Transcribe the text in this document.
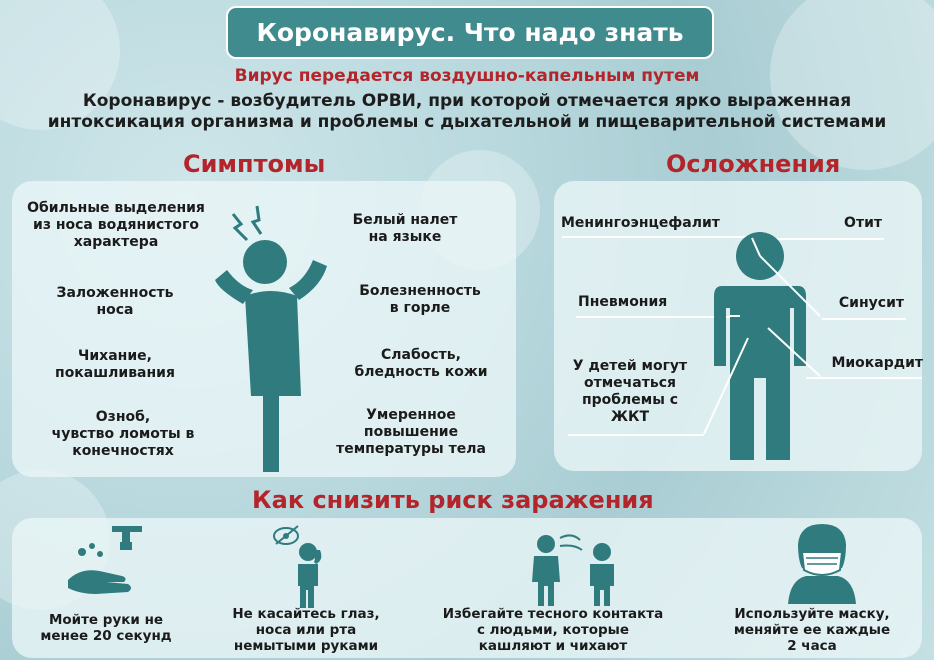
Коронавирус. Что надо знать
Вирус передается воздушно-капельным путем
Коронавирус - возбудитель ОРВИ, при которой отмечается ярко выраженная
интоксикация организма и проблемы с дыхательной и пищеварительной системами
Симптомы
Обильные выделения
из носа водянистого
характера
Заложенность
носа
Чихание,
покашливания
Озноб,
чувство ломоты в
конечностях
Белый налет
на языке
Болезненность
в горле
Слабость,
бледность кожи
Умеренное
повышение
температуры тела
Осложнения
Менингоэнцефалит	Отит
Пневмония	Синусит
Миокардит
У детей могут
отмечаться
проблемы с
ЖКТ
Как снизить риск заражения
Мойте руки не
менее 20 секунд
Не касайтесь глаз,
носа или рта
немытыми руками
Избегайте тесного контакта
с людьми, которые
кашляют и чихают
Используйте маску,
меняйте ее каждые
2 часа
